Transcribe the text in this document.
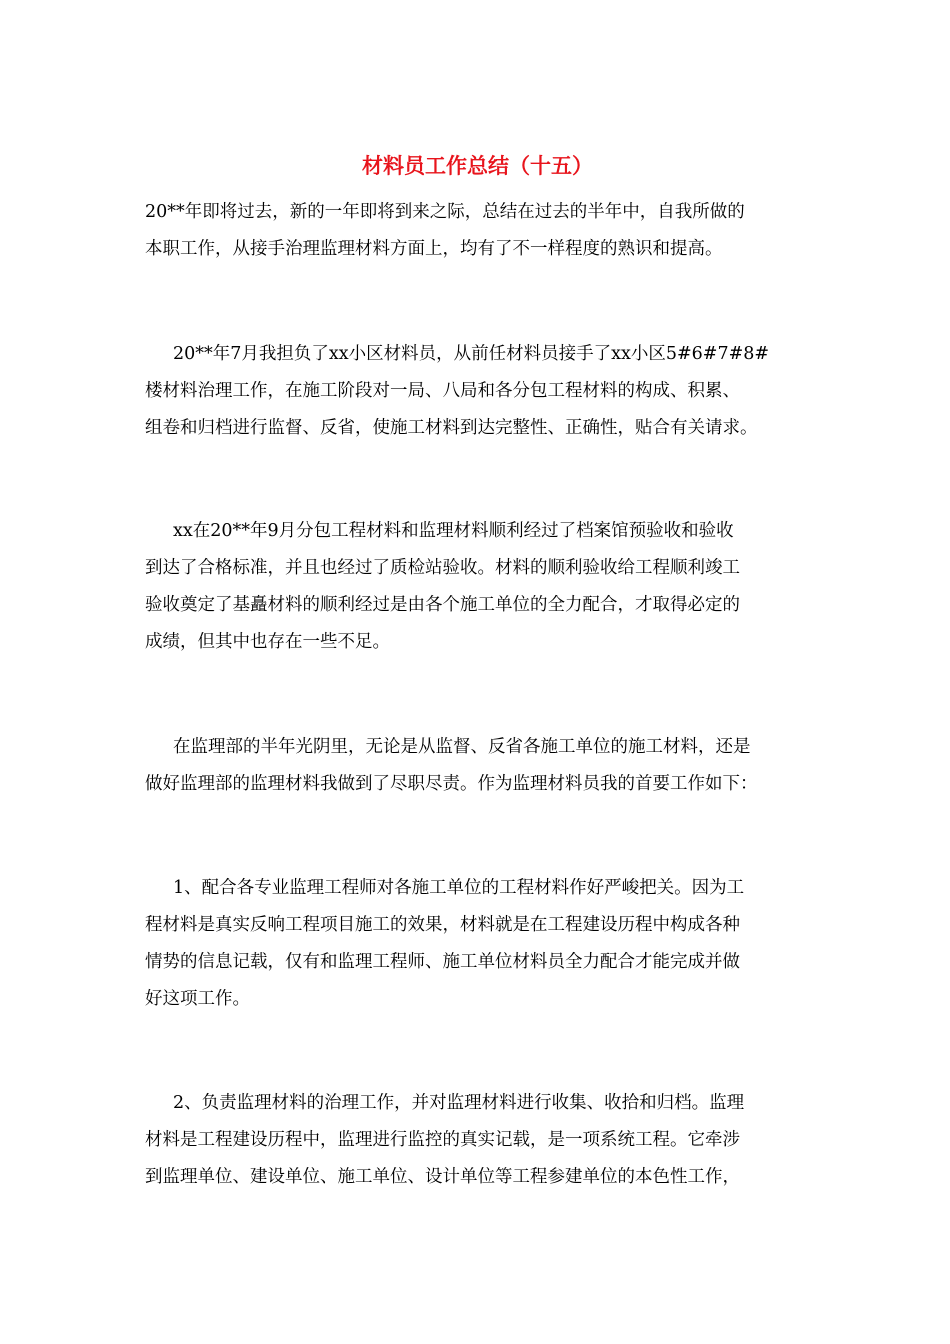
材料员工作总结（十五）

20**年即将过去，新的一年即将到来之际，总结在过去的半年中，自我所做的

本职工作，从接手治理监理材料方面上，均有了不一样程度的熟识和提高。

20**年7月我担负了xx小区材料员，从前任材料员接手了xx小区5#6#7#8#

楼材料治理工作，在施工阶段对一局、八局和各分包工程材料的构成、积累、

组卷和归档进行监督、反省，使施工材料到达完整性、正确性，贴合有关请求。

xx在20**年9月分包工程材料和监理材料顺利经过了档案馆预验收和验收

到达了合格标准，并且也经过了质检站验收。材料的顺利验收给工程顺利竣工

验收奠定了基矗材料的顺利经过是由各个施工单位的全力配合，才取得必定的

成绩，但其中也存在一些不足。

在监理部的半年光阴里，无论是从监督、反省各施工单位的施工材料，还是

做好监理部的监理材料我做到了尽职尽责。作为监理材料员我的首要工作如下：

1、配合各专业监理工程师对各施工单位的工程材料作好严峻把关。因为工

程材料是真实反响工程项目施工的效果，材料就是在工程建设历程中构成各种

情势的信息记载，仅有和监理工程师、施工单位材料员全力配合才能完成并做

好这项工作。

2、负责监理材料的治理工作，并对监理材料进行收集、收拾和归档。监理

材料是工程建设历程中，监理进行监控的真实记载，是一项系统工程。它牵涉

到监理单位、建设单位、施工单位、设计单位等工程参建单位的本色性工作，
